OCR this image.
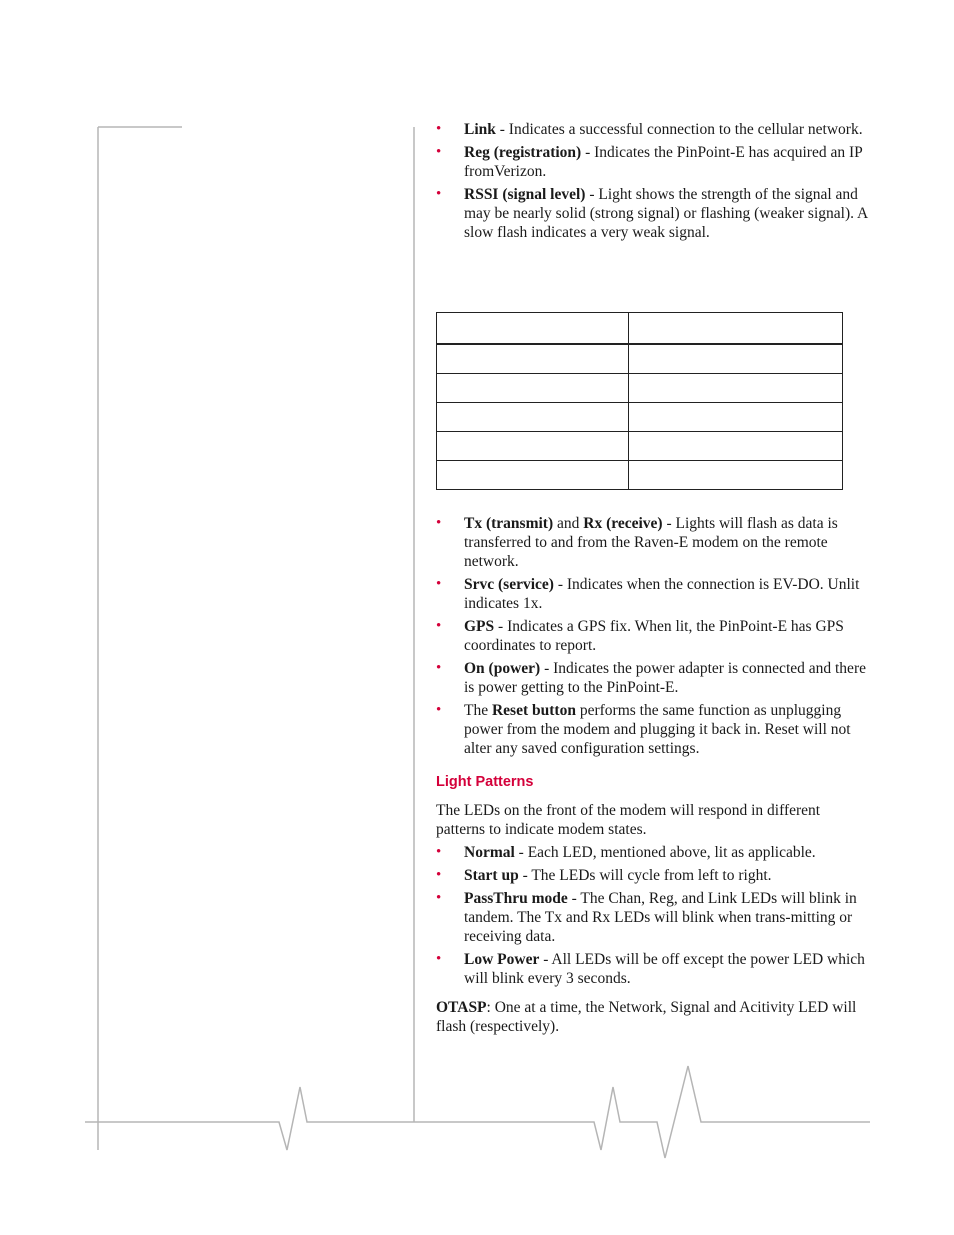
• Link - Indicates a successful connection to the cellular network.
• Reg (registration) - Indicates the PinPoint-E has acquired an IP fromVerizon.
• RSSI (signal level) - Light shows the strength of the signal and may be nearly solid (strong signal) or flashing (weaker signal). A slow flash indicates a very weak signal.

• Tx (transmit) and Rx (receive) - Lights will flash as data is transferred to and from the Raven-E modem on the remote network.
• Srvc (service) - Indicates when the connection is EV-DO. Unlit indicates 1x.
• GPS - Indicates a GPS fix. When lit, the PinPoint-E has GPS coordinates to report.
• On (power) - Indicates the power adapter is connected and there is power getting to the PinPoint-E.
• The Reset button performs the same function as unplugging power from the modem and plugging it back in. Reset will not alter any saved configuration settings.
Light Patterns

The LEDs on the front of the modem will respond in different patterns to indicate modem states.

• Normal - Each LED, mentioned above, lit as applicable.
• Start up - The LEDs will cycle from left to right.
• PassThru mode - The Chan, Reg, and Link LEDs will blink in tandem. The Tx and Rx LEDs will blink when trans-mitting or receiving data.
• Low Power - All LEDs will be off except the power LED which will blink every 3 seconds.

OTASP: One at a time, the Network, Signal and Acitivity LED will flash (respectively).
